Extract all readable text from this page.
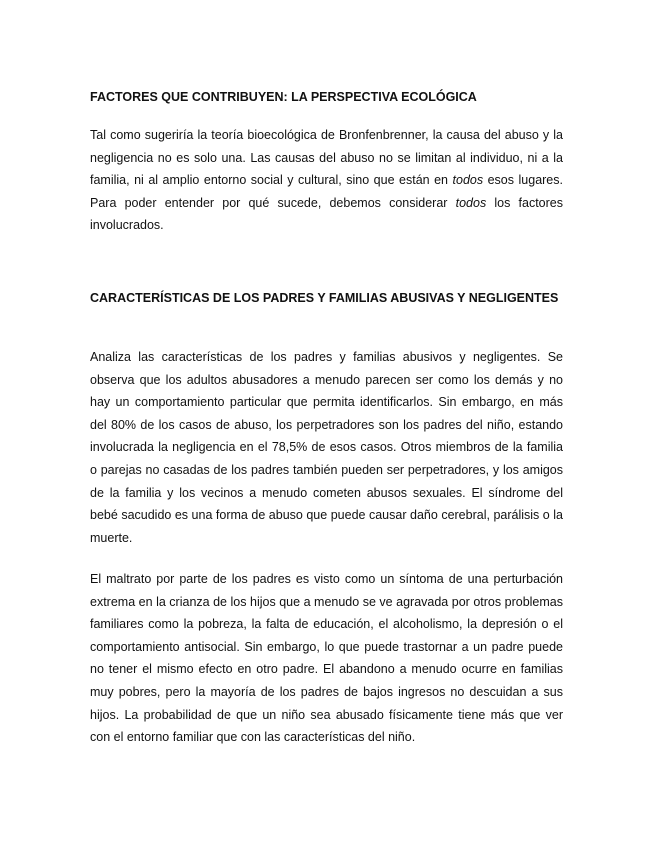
FACTORES QUE CONTRIBUYEN: LA PERSPECTIVA ECOLÓGICA

Tal como sugeriría la teoría bioecológica de Bronfenbrenner, la causa del abuso y la negligencia no es solo una. Las causas del abuso no se limitan al individuo, ni a la familia, ni al amplio entorno social y cultural, sino que están en todos esos lugares. Para poder entender por qué sucede, debemos considerar todos los factores involucrados.

CARACTERÍSTICAS DE LOS PADRES Y FAMILIAS ABUSIVAS Y NEGLIGENTES

Analiza las características de los padres y familias abusivos y negligentes. Se observa que los adultos abusadores a menudo parecen ser como los demás y no hay un comportamiento particular que permita identificarlos. Sin embargo, en más del 80% de los casos de abuso, los perpetradores son los padres del niño, estando involucrada la negligencia en el 78,5% de esos casos. Otros miembros de la familia o parejas no casadas de los padres también pueden ser perpetradores, y los amigos de la familia y los vecinos a menudo cometen abusos sexuales. El síndrome del bebé sacudido es una forma de abuso que puede causar daño cerebral, parálisis o la muerte.

El maltrato por parte de los padres es visto como un síntoma de una perturbación extrema en la crianza de los hijos que a menudo se ve agravada por otros problemas familiares como la pobreza, la falta de educación, el alcoholismo, la depresión o el comportamiento antisocial. Sin embargo, lo que puede trastornar a un padre puede no tener el mismo efecto en otro padre. El abandono a menudo ocurre en familias muy pobres, pero la mayoría de los padres de bajos ingresos no descuidan a sus hijos. La probabilidad de que un niño sea abusado físicamente tiene más que ver con el entorno familiar que con las características del niño.
